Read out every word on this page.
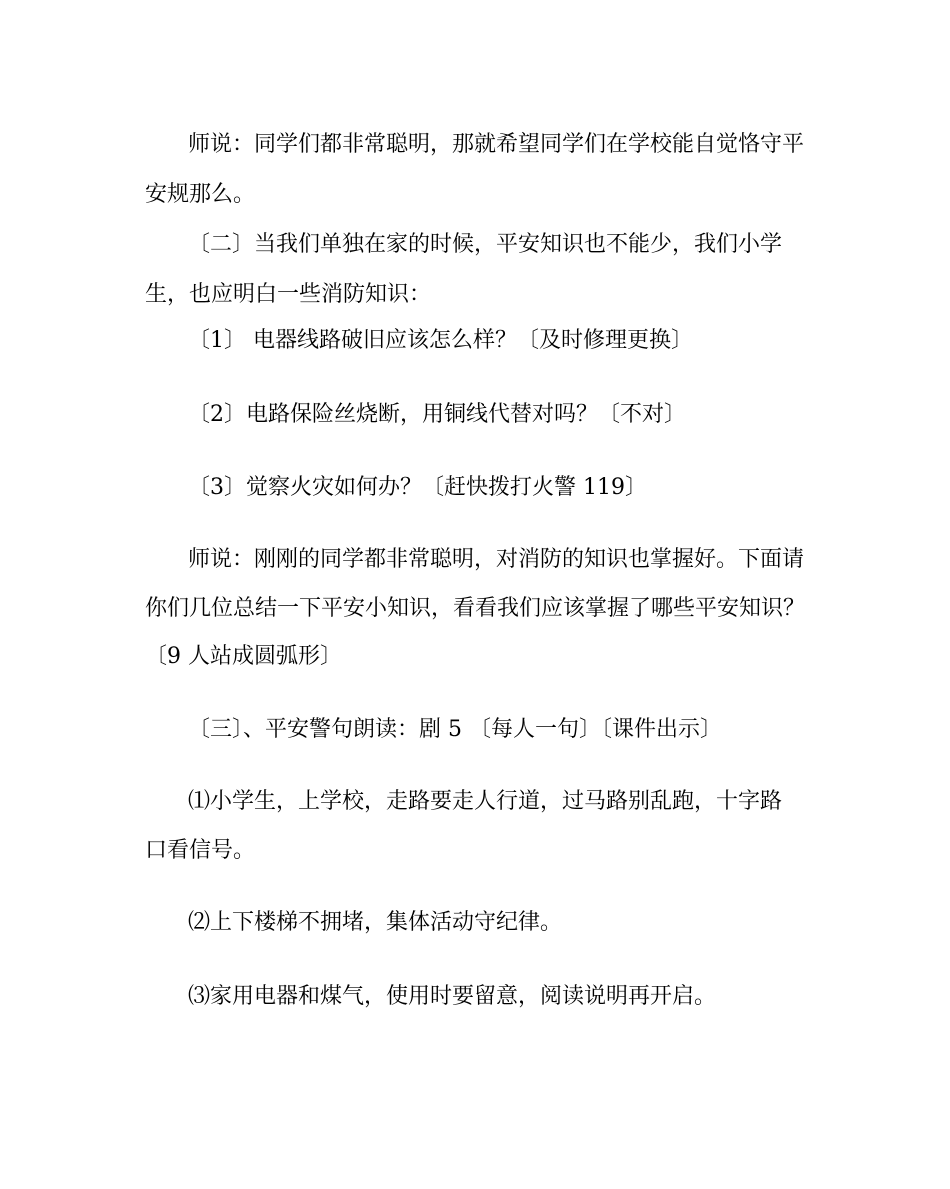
师说：同学们都非常聪明，那就希望同学们在学校能自觉恪守平
安规那么。
〔二〕当我们单独在家的时候，平安知识也不能少，我们小学
生，也应明白一些消防知识：
〔1〕 电器线路破旧应该怎么样？〔及时修理更换〕
〔2〕电路保险丝烧断，用铜线代替对吗？〔不对〕
〔3〕觉察火灾如何办？〔赶快拨打火警 119〕
师说：刚刚的同学都非常聪明，对消防的知识也掌握好。下面请
你们几位总结一下平安小知识，看看我们应该掌握了哪些平安知识？
〔9 人站成圆弧形〕
〔三〕、平安警句朗读：剧 5 〔每人一句〕〔课件出示〕
⑴小学生，上学校，走路要走人行道，过马路别乱跑，十字路
口看信号。
⑵上下楼梯不拥堵，集体活动守纪律。
⑶家用电器和煤气，使用时要留意，阅读说明再开启。
